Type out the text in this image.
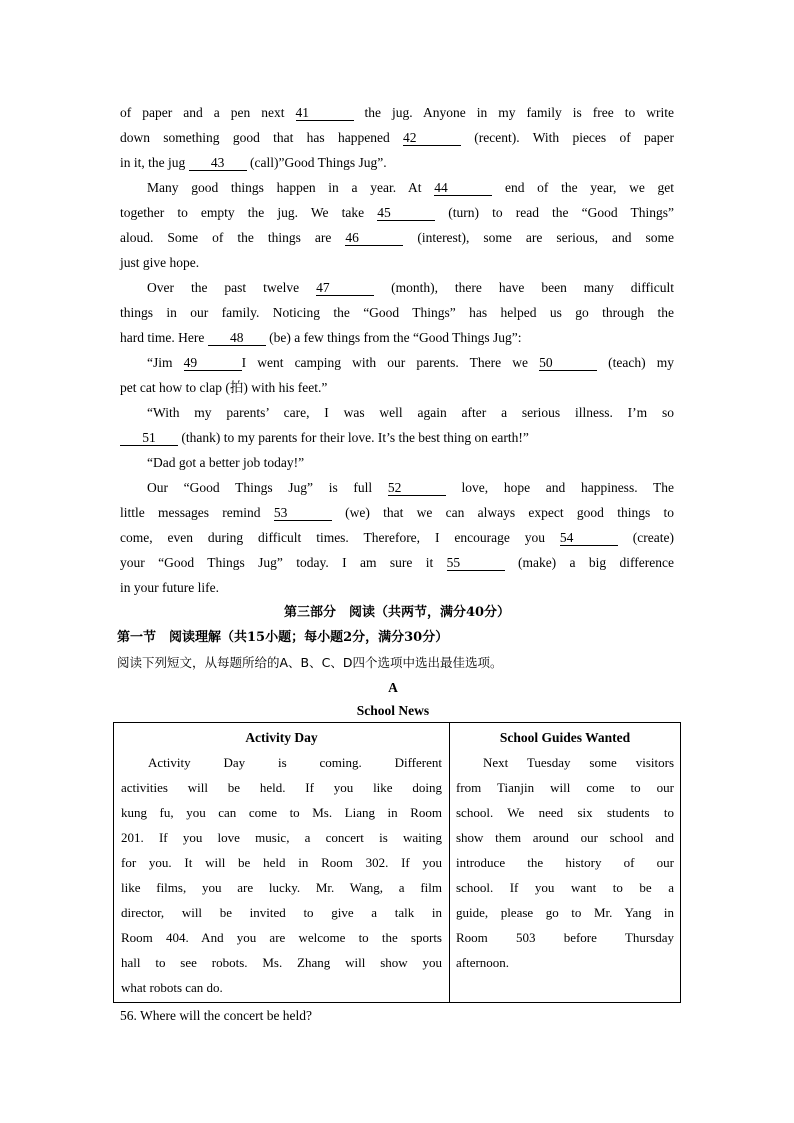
of paper and a pen next 41	the jug. Anyone in my family is free to write
down something good that has happened 42	(recent). With pieces of paper
in it, the jug 43 (call)”Good Things Jug”.
Many good things happen in a year. At 44	end of the year, we get
together to empty the jug. We take 45	(turn) to read the “Good Things”
aloud. Some of the things are 46	(interest), some are serious, and some
just give hope.
Over the past twelve 47	(month), there have been many difficult
things in our family. Noticing the “Good Things” has helped us go through the
hard time. Here 48 (be) a few things from the “Good Things Jug”:
“Jim 49	I went camping with our parents. There we 50	(teach) my
pet cat how to clap (拍) with his feet.”
“With my parents’ care, I was well again after a serious illness. I’m so
51 (thank) to my parents for their love. It’s the best thing on earth!”
“Dad got a better job today!”
Our “Good Things Jug” is full 52	love, hope and happiness. The
little messages remind 53	(we) that we can always expect good things to
come, even during difficult times. Therefore, I encourage you 54	(create)
your “Good Things Jug” today. I am sure it 55	(make) a big difference
in your future life.
第三部分　阅读（共两节，满分40分）
第一节　阅读理解（共15小题；每小题2分，满分30分）
阅读下列短文，从每题所给的A、B、C、D四个选项中选出最佳选项。
A
School News
Activity Day
Activity Day is coming. Different
activities will be held. If you like doing
kung fu, you can come to Ms. Liang in Room
201. If you love music, a concert is waiting
for you. It will be held in Room 302. If you
like films, you are lucky. Mr. Wang, a film
director, will be invited to give a talk in
Room 404. And you are welcome to the sports
hall to see robots. Ms. Zhang will show you
what robots can do.
School Guides Wanted
Next Tuesday some visitors
from Tianjin will come to our
school. We need six students to
show them around our school and
introduce the history of our
school. If you want to be a
guide, please go to Mr. Yang in
Room 503 before Thursday
afternoon.
56. Where will the concert be held?
